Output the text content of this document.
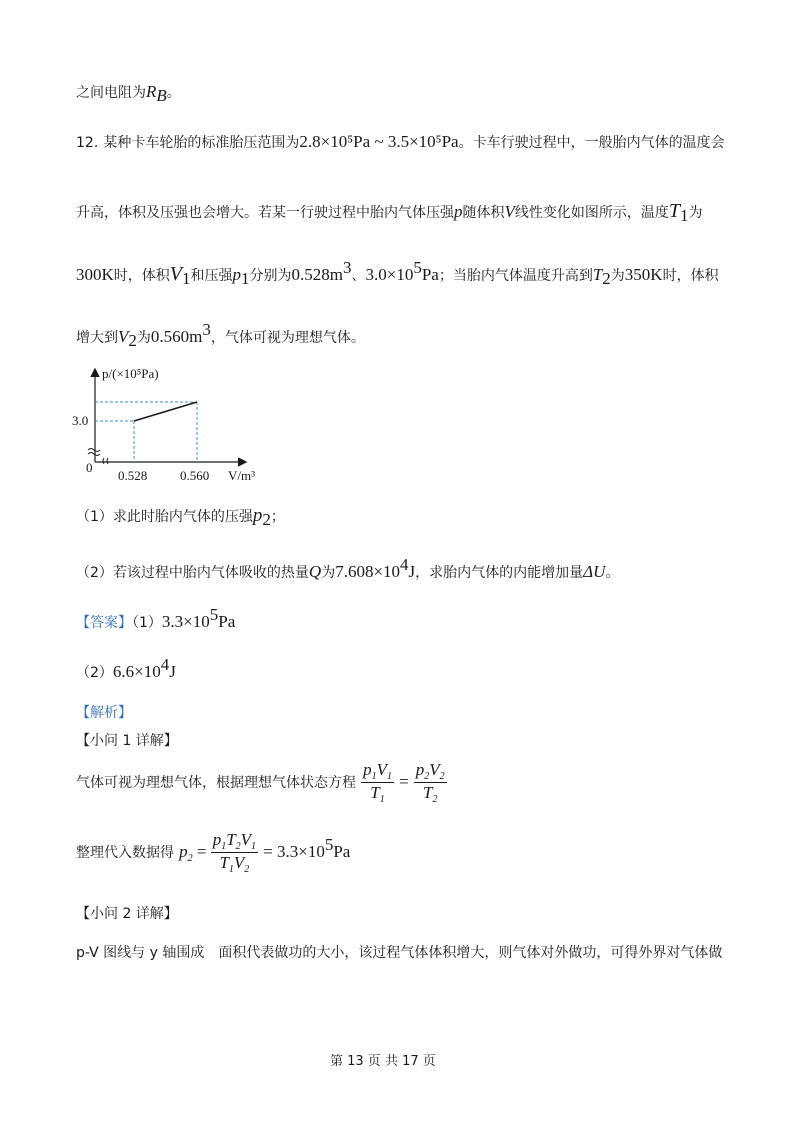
之间电阻为$R_B$。
12. 某种卡车轮胎的标准胎压范围为2.8×10⁵Pa ~ 3.5×10⁵Pa。卡车行驶过程中，一般胎内气体的温度会
升高，体积及压强也会增大。若某一行驶过程中胎内气体压强p随体积V线性变化如图所示，温度$T_1$为
300K时，体积$V_1$和压强$p_1$分别为$0.528m^3$、$3.0\times 10^5Pa$；当胎内气体温度升高到$T_2$为350K时，体积
增大到$V_2$为$0.560m^3$，气体可视为理想气体。
p/(×10⁵Pa)
3.0
0
0.528	0.560 V/m³
（1）求此时胎内气体的压强$p_2$；
（2）若该过程中胎内气体吸收的热量Q为$7.608\times 10^4J$，求胎内气体的内能增加量ΔU。
【答案】$(1)3.3\times 10^5Pa$
$(2)6.6\times 10^4J$
【解析】
【小问 1 详解】
气体可视为理想气体，根据理想气体状态方程 $\frac{p_1V_1}{T_1} = \frac{p_2V_2}{T_2}$
整理代入数据得 $p_2 = \frac{p_1T_2V_1}{T_1V_2} = 3.3\times 10^5Pa$
【小问 2 详解】
p-V 图线与 y 轴围成　面积代表做功的大小，该过程气体体积增大，则气体对外做功，可得外界对气体做
第 13 页 共 17 页
